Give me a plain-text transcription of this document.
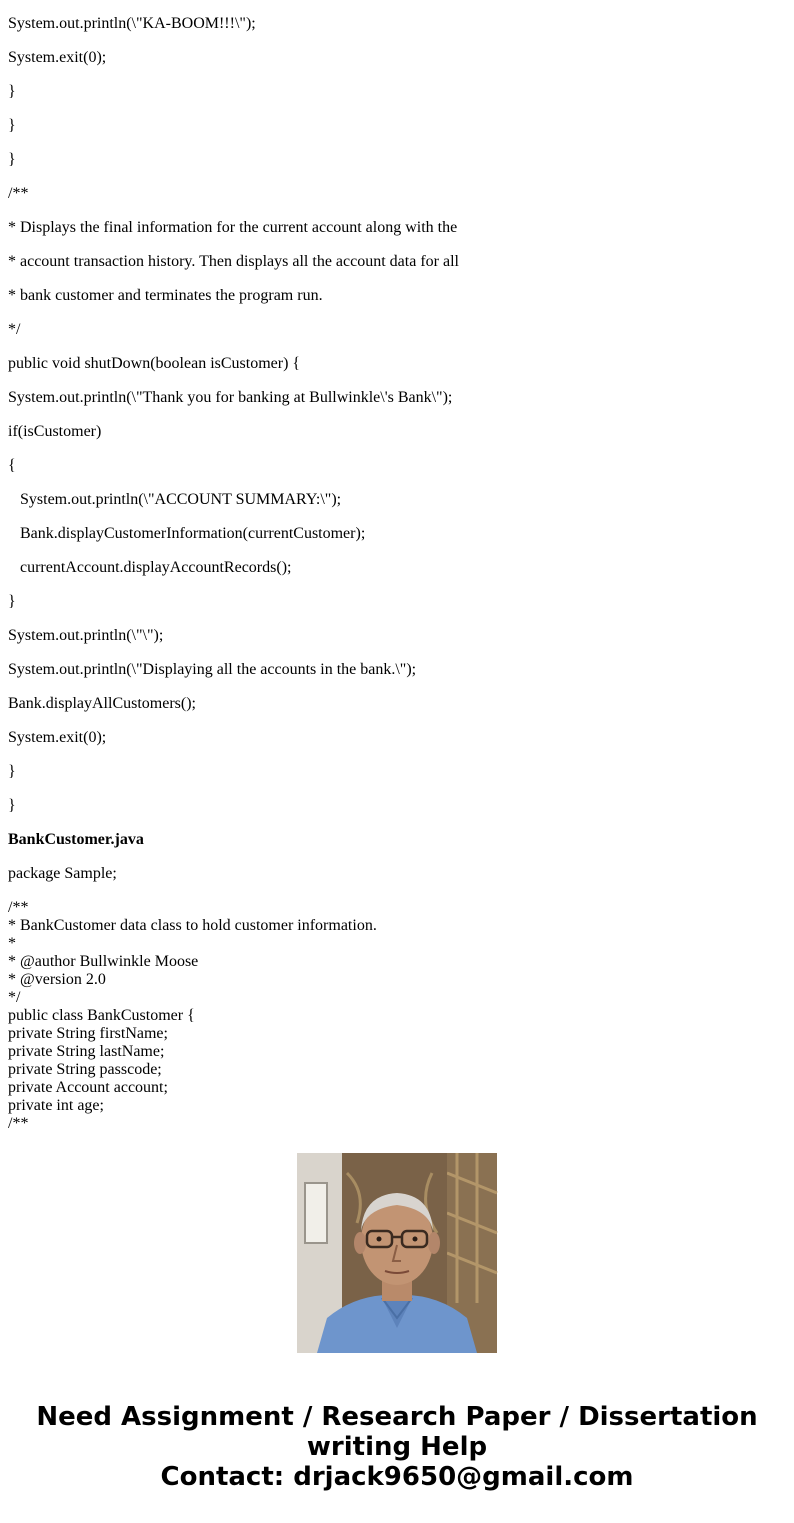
System.out.println(\"KA-BOOM!!!\");

System.exit(0);

}

}

}

/**

* Displays the final information for the current account along with the

* account transaction history. Then displays all the account data for all

* bank customer and terminates the program run.

*/

public void shutDown(boolean isCustomer) {

System.out.println(\"Thank you for banking at Bullwinkle\'s Bank\");

if(isCustomer)

{

System.out.println(\"ACCOUNT SUMMARY:\");

Bank.displayCustomerInformation(currentCustomer);

currentAccount.displayAccountRecords();

}

System.out.println(\"\");

System.out.println(\"Displaying all the accounts in the bank.\");

Bank.displayAllCustomers();

System.exit(0);

}

}

BankCustomer.java

package Sample;

/**
* BankCustomer data class to hold customer information.
*
* @author Bullwinkle Moose
* @version 2.0
*/
public class BankCustomer {
private String firstName;
private String lastName;
private String passcode;
private Account account;
private int age;
/**
Need Assignment / Research Paper / Dissertation
writing Help
Contact: drjack9650@gmail.com
